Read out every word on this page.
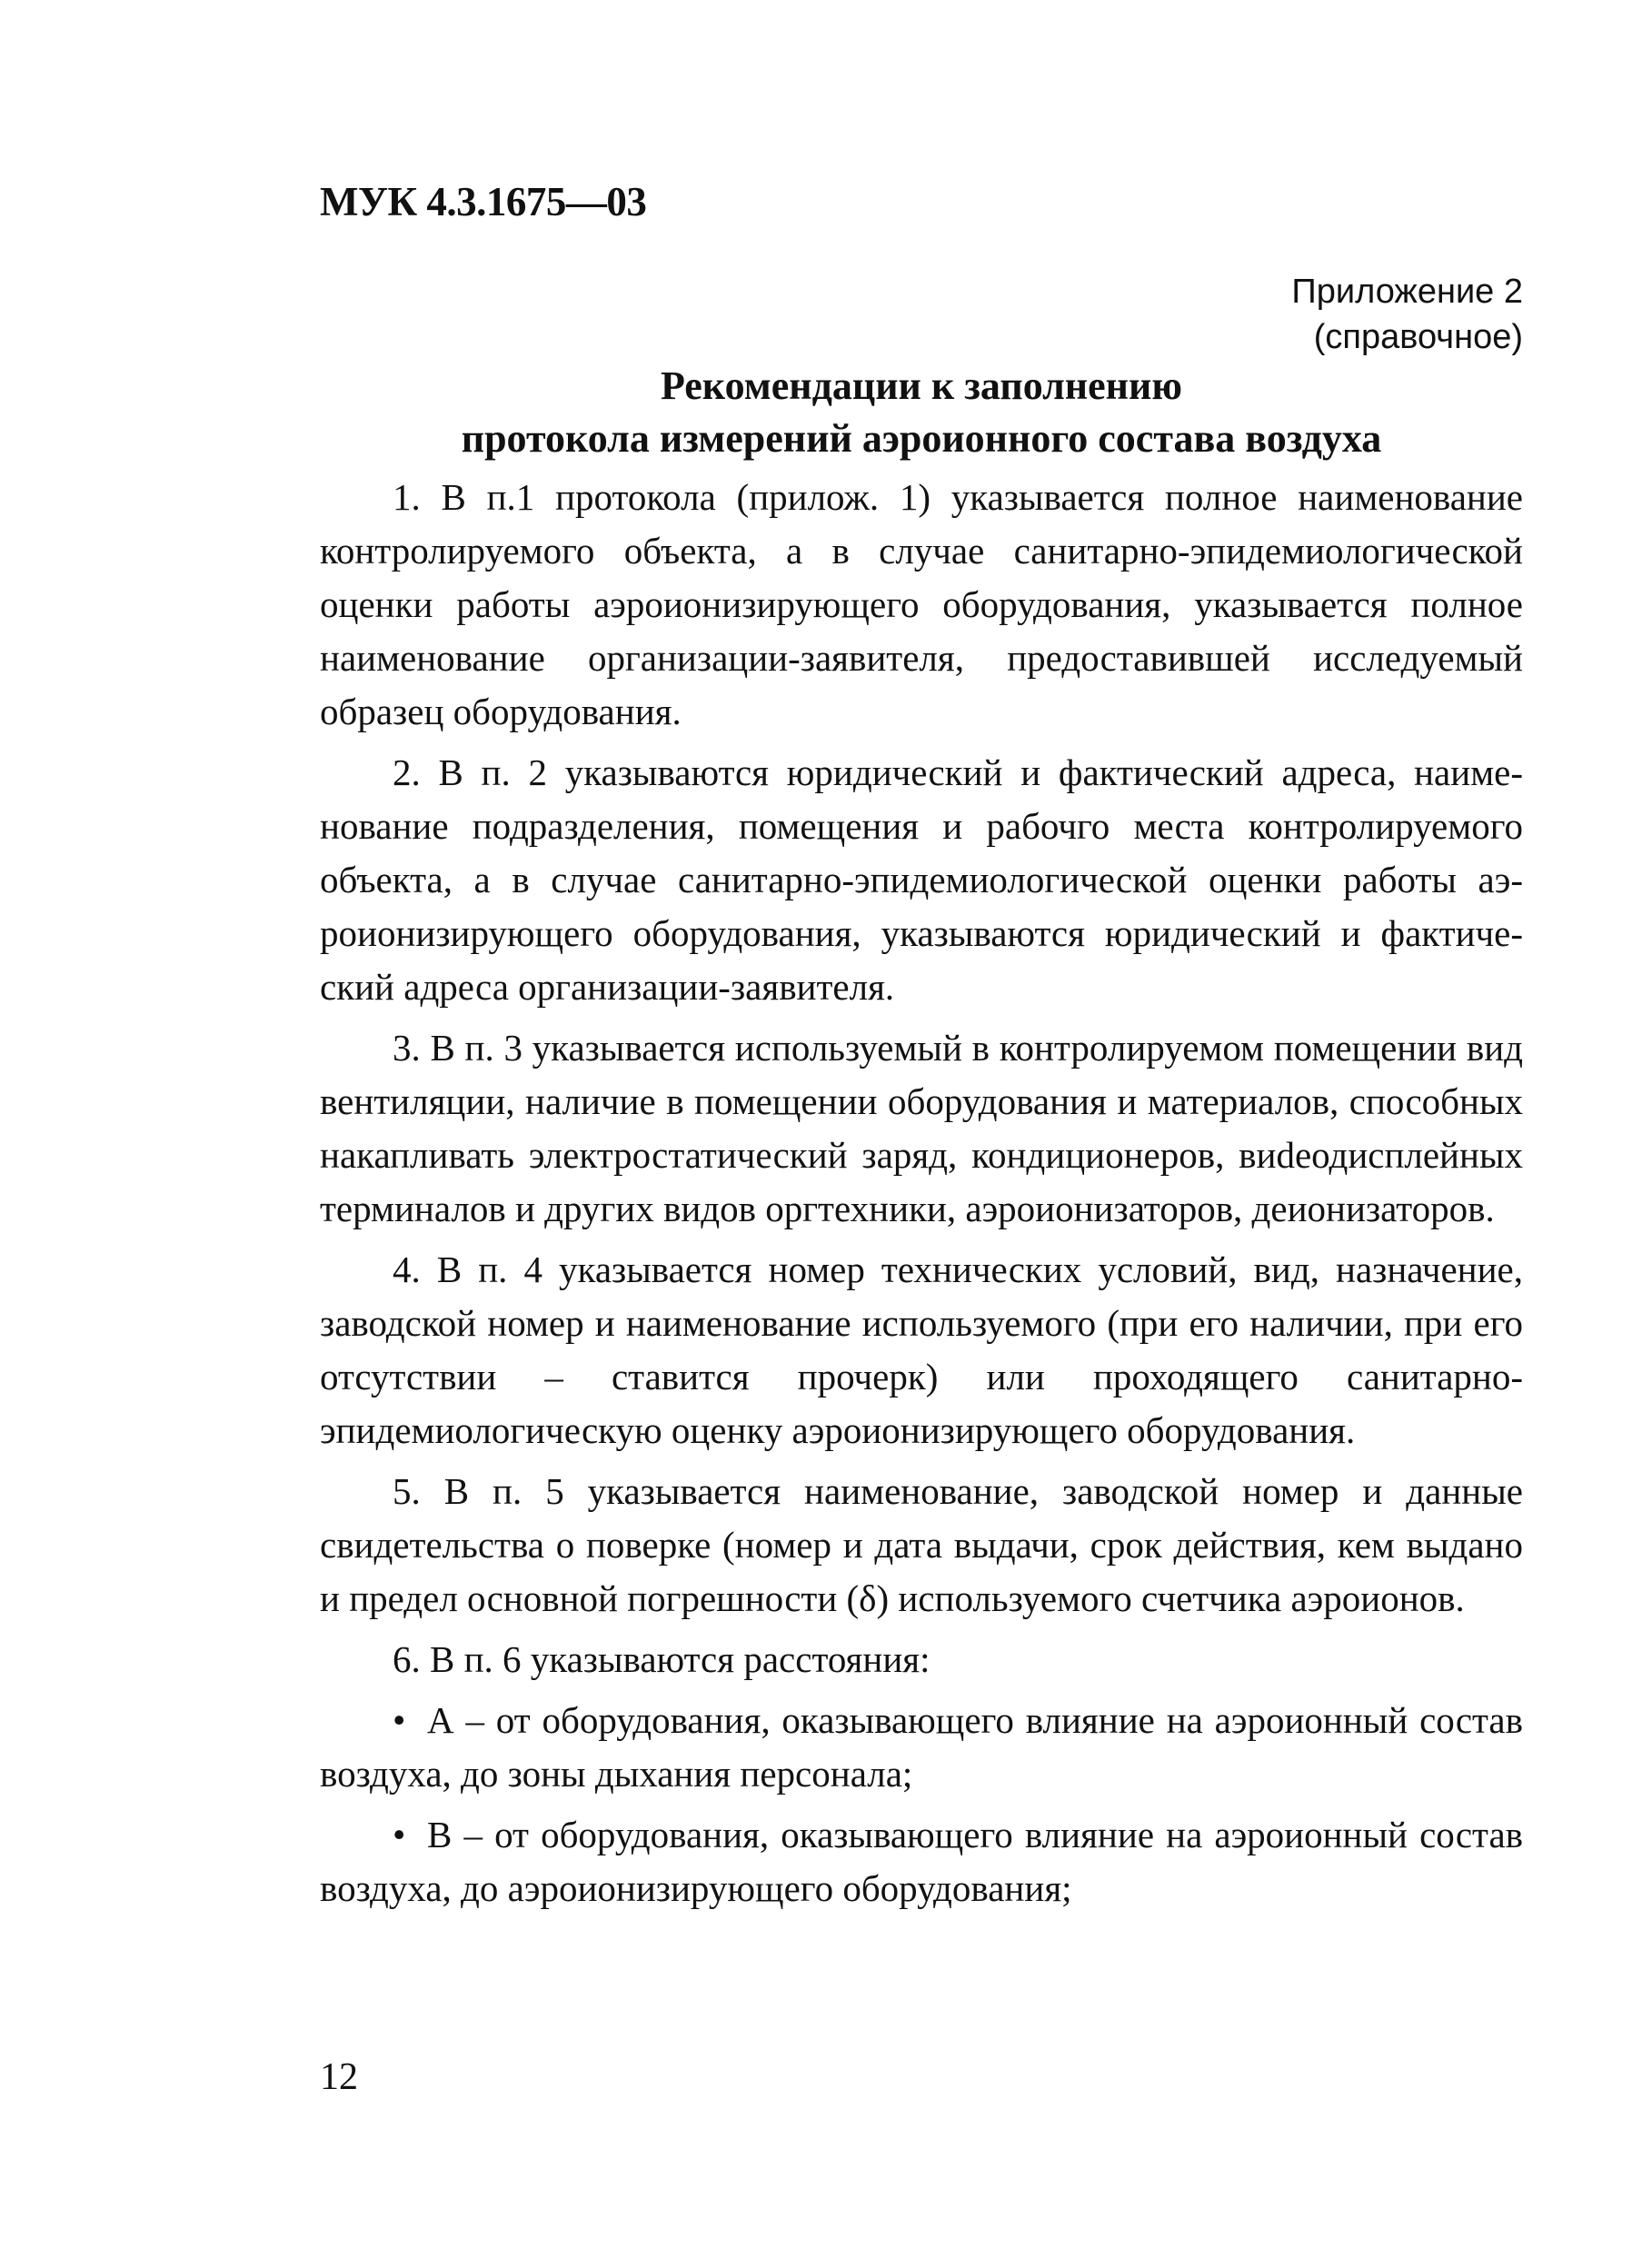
МУК 4.3.1675—03
Приложение 2
(справочное)
Рекомендации к заполнению
протокола измерений аэроионного состава воздуха

1. В п.1 протокола (прилож. 1) указывается полное наименование контролируемого объекта, а в случае санитарно-эпидемиологической оценки работы аэроионизирующего оборудования, указывается полное наименование организации-заявителя, предоставившей исследуемый образец оборудования.

2. В п. 2 указываются юридический и фактический адреса, наименование подразделения, помещения и рабочго места контролируемого объекта, а в случае санитарно-эпидемиологической оценки работы аэроионизирующего оборудования, указываются юридический и фактический адреса организации-заявителя.

3. В п. 3 указывается используемый в контролируемом помещении вид вентиляции, наличие в помещении оборудования и материалов, способных накапливать электростатический заряд, кондиционеров, виdеодисплейных терминалов и других видов оргтехники, аэроионизаторов, деионизаторов.

4. В п. 4 указывается номер технических условий, вид, назначение, заводской номер и наименование используемого (при его наличии, при его отсутствии – ставится прочерк) или проходящего санитарно-эпидемиологическую оценку аэроионизирующего оборудования.

5. В п. 5 указывается наименование, заводской номер и данные свидетельства о поверке (номер и дата выдачи, срок действия, кем выдано и предел основной погрешности (δ) используемого счетчика аэроионов.

6. В п. 6 указываются расстояния:

• А – от оборудования, оказывающего влияние на аэроионный состав воздуха, до зоны дыхания персонала;

• В – от оборудования, оказывающего влияние на аэроионный состав воздуха, до аэроионизирующего оборудования;

12
